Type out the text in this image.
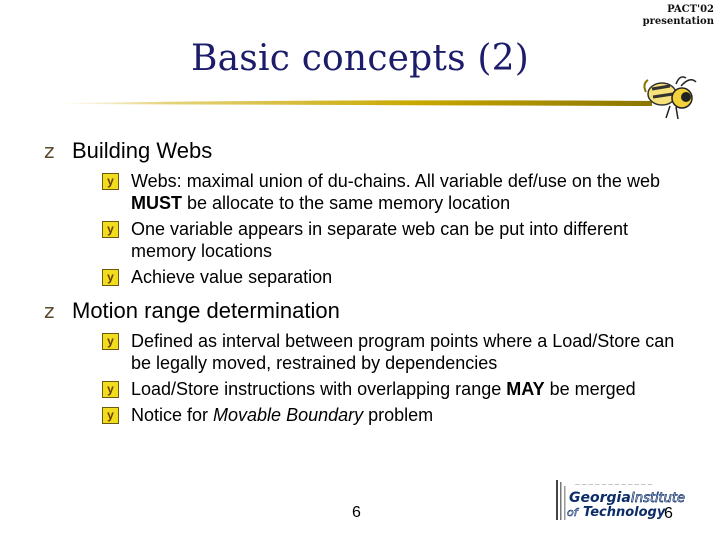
PACT'02
presentation
Basic concepts (2)
z Building Webs
y Webs: maximal union of du-chains. All variable def/use on the web MUST be allocate to the same memory location
y One variable appears in separate web can be put into different memory locations
y Achieve value separation
z Motion range determination
y Defined as interval between program points where a Load/Store can be legally moved, restrained by dependencies
y Load/Store instructions with overlapping range MAY be merged
y Notice for Movable Boundary problem
6
— — — — — — — — — — — —
Georgia Institute
of Technology
6
